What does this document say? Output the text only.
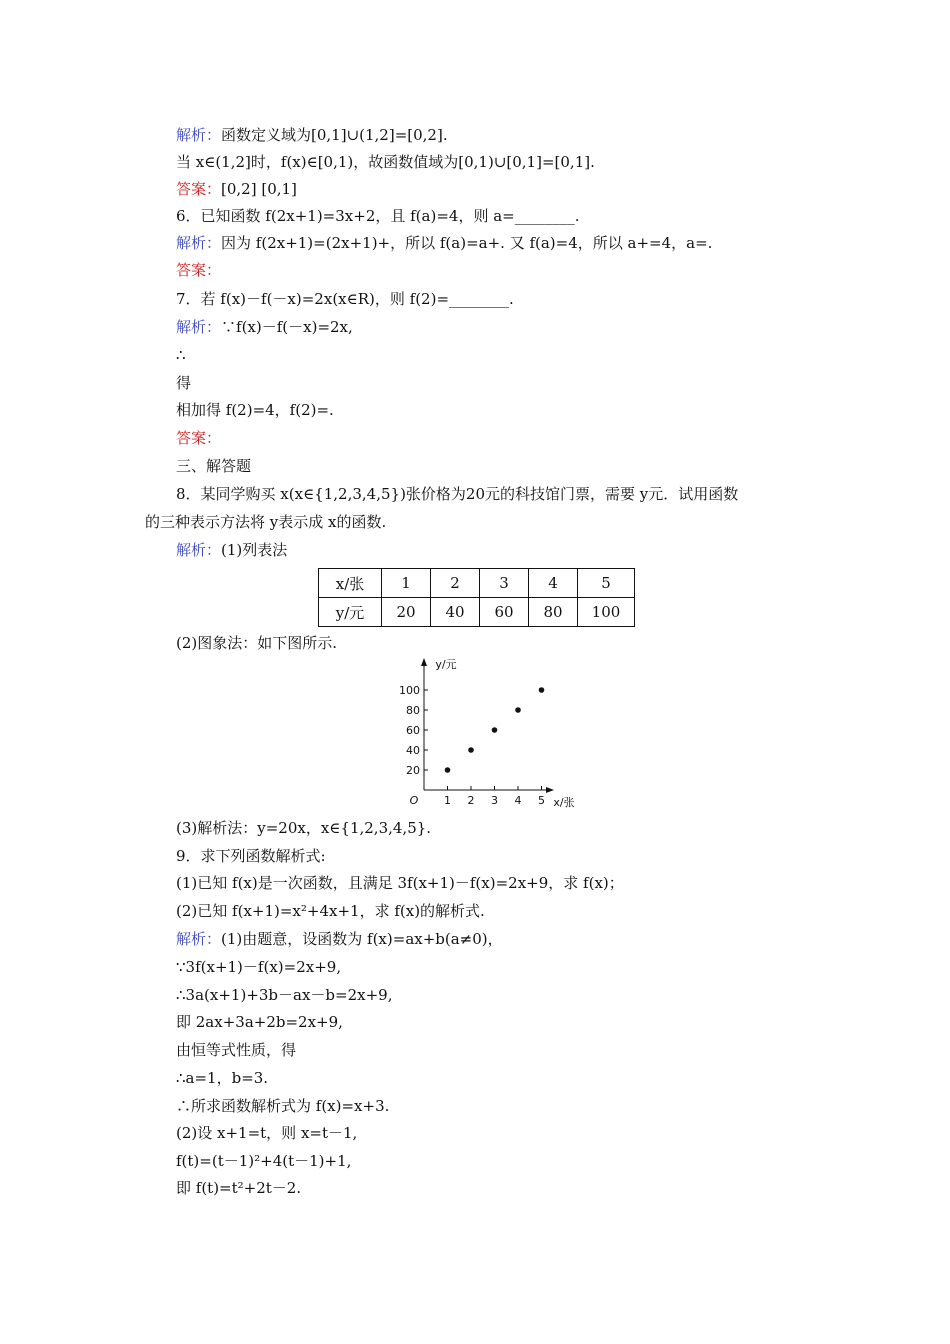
解析：函数定义域为[0,1]∪(1,2]=[0,2].
当 x∈(1,2]时，f(x)∈[0,1)，故函数值域为[0,1)∪[0,1]=[0,1].
答案：[0,2] [0,1]
6．已知函数 f(2x+1)=3x+2，且 f(a)=4，则 a=________.
解析：因为 f(2x+1)=(2x+1)+，所以 f(a)=a+. 又 f(a)=4，所以 a+=4，a=.
答案：
7．若 f(x)－f(－x)=2x(x∈R)，则 f(2)=________.
解析：∵f(x)－f(－x)=2x,
∴
得
相加得 f(2)=4，f(2)=.
答案：
三、解答题
8．某同学购买 x(x∈{1,2,3,4,5})张价格为20元的科技馆门票，需要 y元．试用函数
的三种表示方法将 y表示成 x的函数.
解析：(1)列表法
x/张	1	2	3	4	5
y/元	20	40	60	80	100
(2)图象法：如下图所示.
1 2 3 4 5
20
40
60
80
100
O	x/张
y/元
(3)解析法：y=20x，x∈{1,2,3,4,5}.
9．求下列函数解析式:
(1)已知 f(x)是一次函数，且满足 3f(x+1)－f(x)=2x+9，求 f(x)；
(2)已知 f(x+1)=x²+4x+1，求 f(x)的解析式.
解析：(1)由题意，设函数为 f(x)=ax+b(a≠0)，
∵3f(x+1)－f(x)=2x+9,
∴3a(x+1)+3b－ax－b=2x+9,
即 2ax+3a+2b=2x+9,
由恒等式性质，得
∴a=1，b=3.
∴所求函数解析式为 f(x)=x+3.
(2)设 x+1=t，则 x=t－1,
f(t)=(t－1)²+4(t－1)+1,
即 f(t)=t²+2t－2.
